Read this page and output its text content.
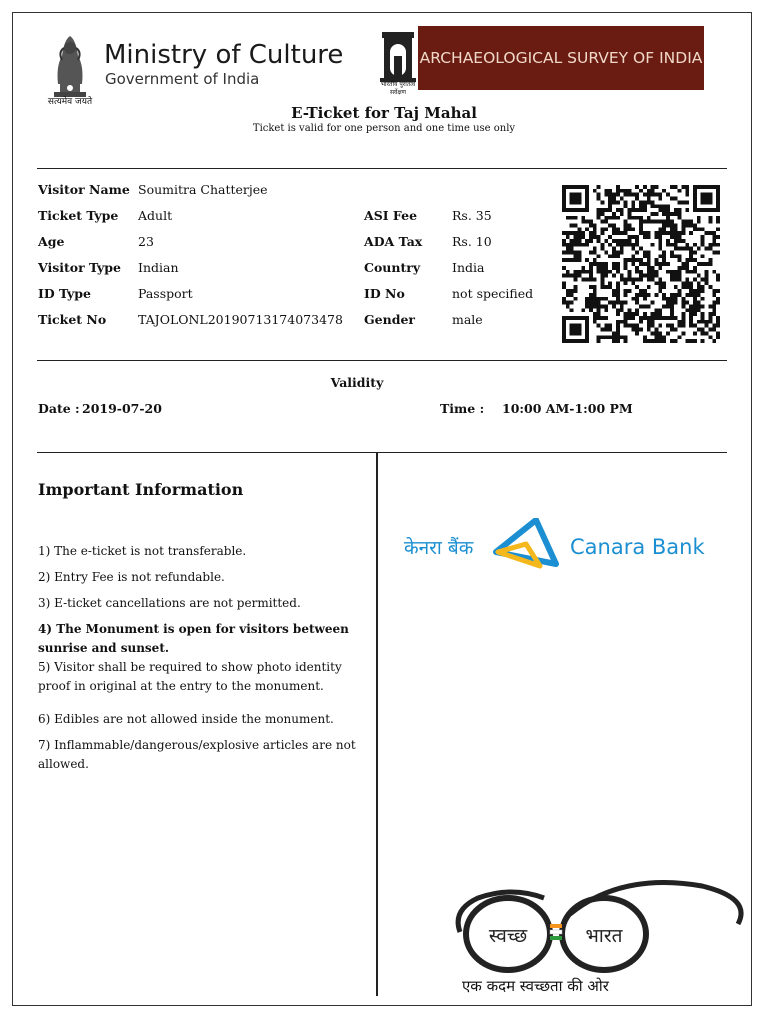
सत्यमेव जयते
Ministry of Culture
Government of India	भारतीय पुरातत्व सर्वेक्षण
ARCHAEOLOGICAL SURVEY OF INDIA
E-Ticket for Taj Mahal
Ticket is valid for one person and one time use only
Visitor Name Soumitra Chatterjee
Ticket Type Adult
Age	23
Visitor Type Indian
ID Type	Passport
Ticket No	TAJOLONL20190713174073478
ASI Fee	Rs. 35
ADA Tax Rs. 10
Country	India
ID No	not specified
Gender	male
Validity
Date : 2019-07-20	Time : 10:00 AM-1:00 PM
Important Information
1) The e-ticket is not transferable.
2) Entry Fee is not refundable.
3) E-ticket cancellations are not permitted.
4) The Monument is open for visitors between sunrise and sunset.
5) Visitor shall be required to show photo identity proof in original at the entry to the monument.
6) Edibles are not allowed inside the monument.
7) Inflammable/dangerous/explosive articles are not allowed.
केनरा बैंक	Canara Bank
स्वच्छ	भारत
एक कदम स्वच्छता की ओर
